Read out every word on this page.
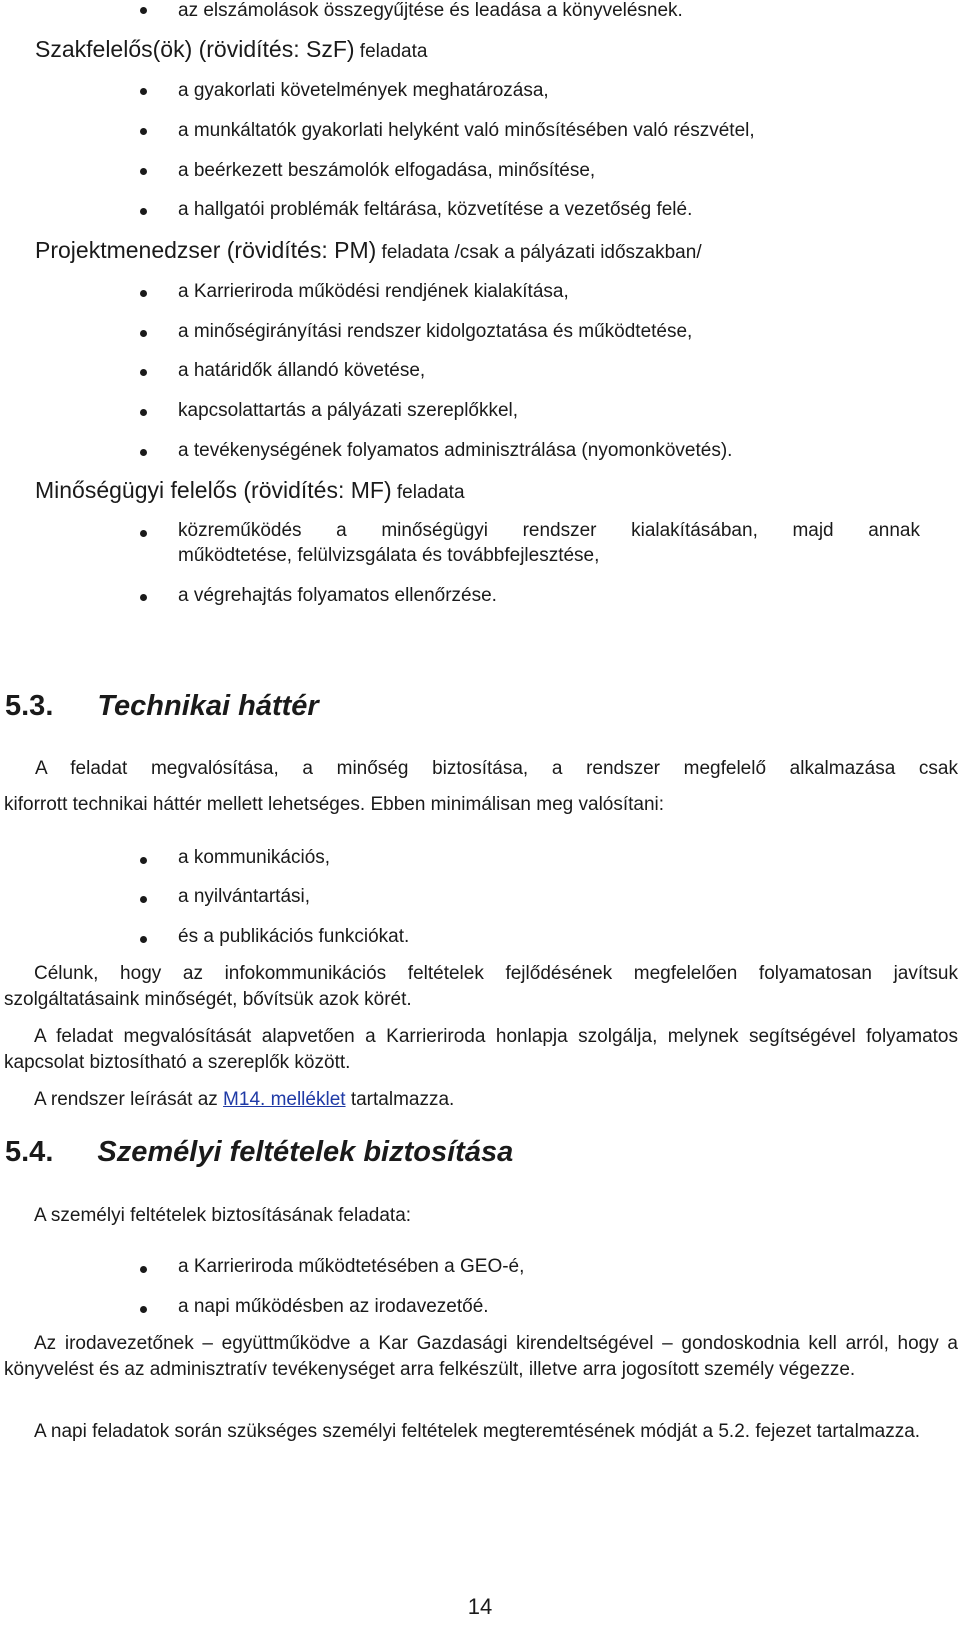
az elszámolások összegyűjtése és leadása a könyvelésnek.
Szakfelelős(ök) (rövidítés: SzF) feladata
a gyakorlati követelmények meghatározása,
a munkáltatók gyakorlati helyként való minősítésében való részvétel,
a beérkezett beszámolók elfogadása, minősítése,
a hallgatói problémák feltárása, közvetítése a vezetőség felé.
Projektmenedzser (rövidítés: PM) feladata /csak a pályázati időszakban/
a Karrieriroda működési rendjének kialakítása,
a minőségirányítási rendszer kidolgoztatása és működtetése,
a határidők állandó követése,
kapcsolattartás a pályázati szereplőkkel,
a tevékenységének folyamatos adminisztrálása (nyomonkövetés).
Minőségügyi felelős (rövidítés: MF) feladata
közreműködés a minőségügyi rendszer kialakításában, majd annak
működtetése, felülvizsgálata és továbbfejlesztése,
a végrehajtás folyamatos ellenőrzése.
5.3. Technikai háttér
A feladat megvalósítása, a minőség biztosítása, a rendszer megfelelő alkalmazása csak
kiforrott technikai háttér mellett lehetséges. Ebben minimálisan meg valósítani:
a kommunikációs,
a nyilvántartási,
és a publikációs funkciókat.
Célunk, hogy az infokommunikációs feltételek fejlődésének megfelelően folyamatosan javítsuk szolgáltatásaink minőségét, bővítsük azok körét.
A feladat megvalósítását alapvetően a Karrieriroda honlapja szolgálja, melynek segítségével folyamatos kapcsolat biztosítható a szereplők között.
A rendszer leírását az M14. melléklet tartalmazza.
5.4. Személyi feltételek biztosítása
A személyi feltételek biztosításának feladata:
a Karrieriroda működtetésében a GEO-é,
a napi működésben az irodavezetőé.
Az irodavezetőnek – együttműködve a Kar Gazdasági kirendeltségével – gondoskodnia kell arról, hogy a könyvelést és az adminisztratív tevékenységet arra felkészült, illetve arra jogosított személy végezze.
A napi feladatok során szükséges személyi feltételek megteremtésének módját a 5.2. fejezet tartalmazza.
14
